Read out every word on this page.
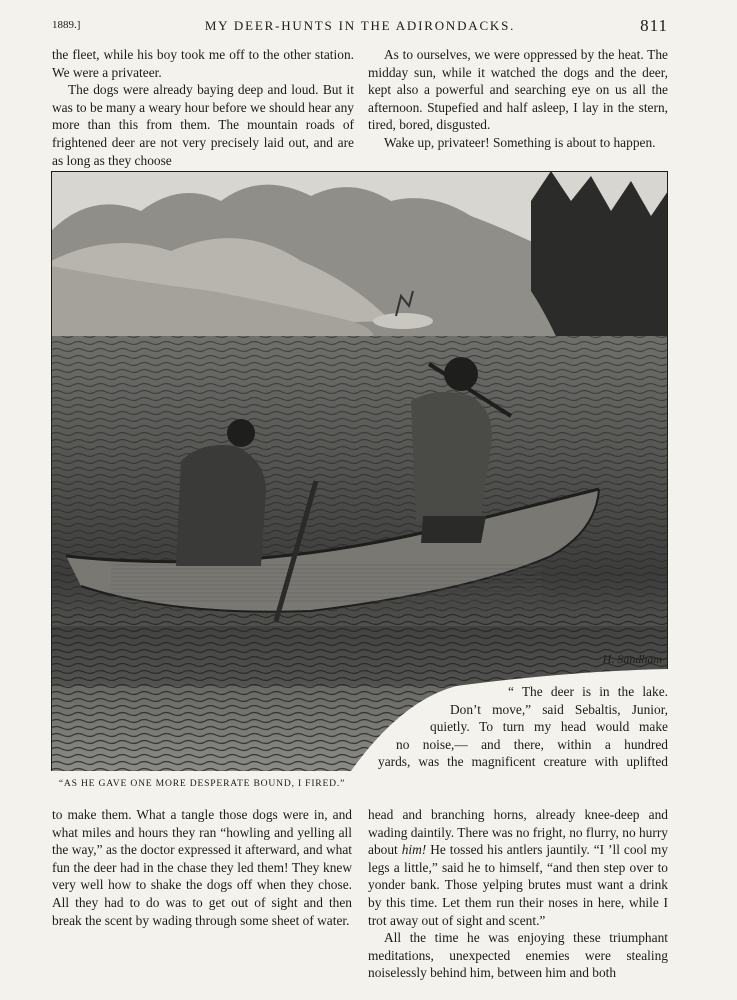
1889.]	MY DEER-HUNTS IN THE ADIRONDACKS.	811

the fleet, while his boy took me off to the other station. We were a privateer.

The dogs were already baying deep and loud. But it was to be many a weary hour before we should hear any more than this from them. The mountain roads of frightened deer are not very precisely laid out, and are as long as they choose

As to ourselves, we were oppressed by the heat. The midday sun, while it watched the dogs and the deer, kept also a powerful and searching eye on us all the afternoon. Stupefied and half asleep, I lay in the stern, tired, bored, disgusted.

Wake up, privateer! Something is about to happen.

H. Sandham
“ The deer is in the lake.
Don’t move,” said Sebaltis, Junior,
quietly. To turn my head would make
no noise,— and there, within a hundred
yards, was the magnificent creature with uplifted
“AS HE GAVE ONE MORE DESPERATE BOUND, I FIRED.”

to make them. What a tangle those dogs were in, and what miles and hours they ran “howling and yelling all the way,” as the doctor expressed it afterward, and what fun the deer had in the chase they led them! They knew very well how to shake the dogs off when they chose. All they had to do was to get out of sight and then break the scent by wading through some sheet of water.

head and branching horns, already knee-deep and wading daintily. There was no fright, no flurry, no hurry about him! He tossed his antlers jauntily. “I ’ll cool my legs a little,” said he to himself, “and then step over to yonder bank. Those yelping brutes must want a drink by this time. Let them run their noses in here, while I trot away out of sight and scent.”

All the time he was enjoying these triumphant meditations, unexpected enemies were stealing noiselessly behind him, between him and both
